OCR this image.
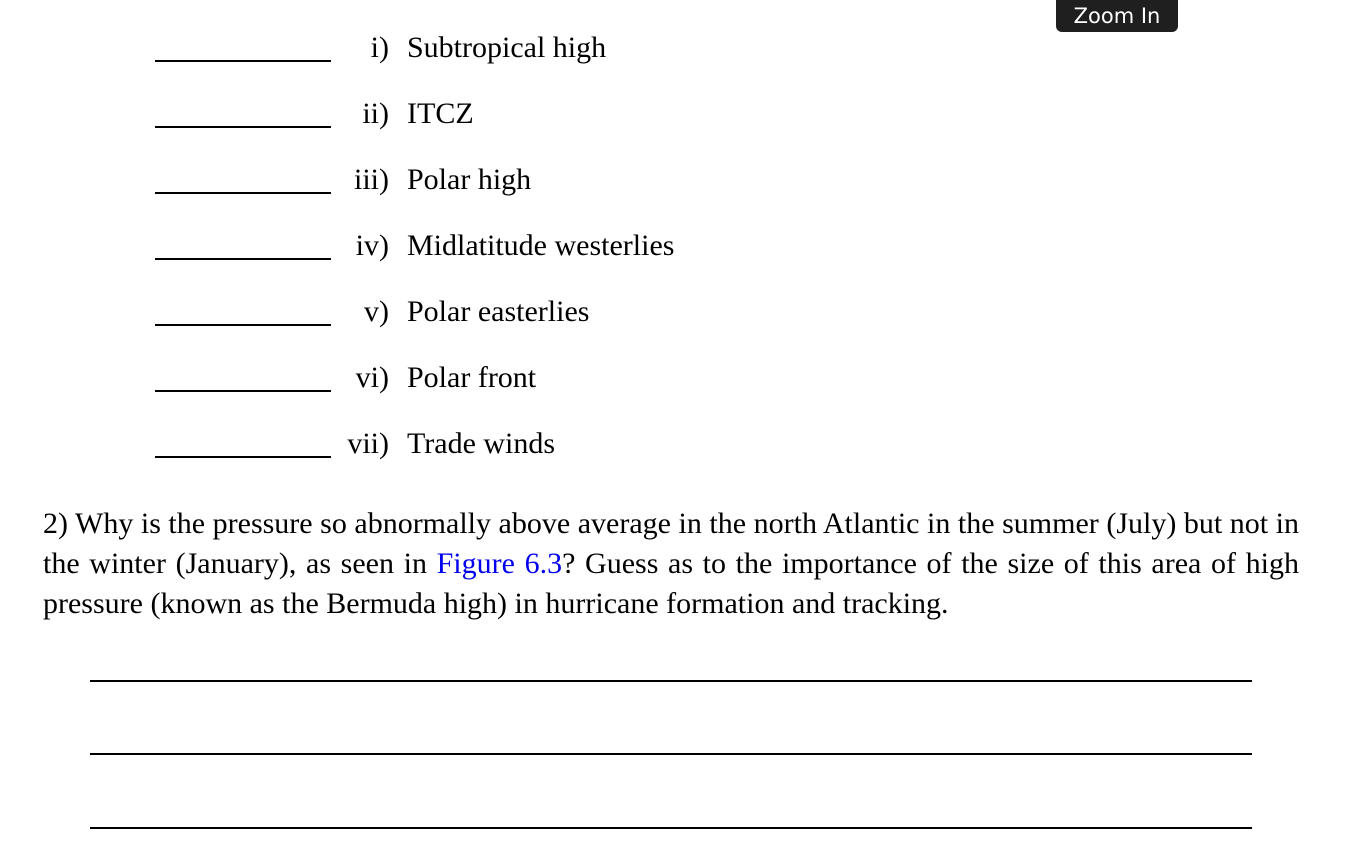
Zoom In
i) Subtropical high
ii) ITCZ
iii) Polar high
iv) Midlatitude westerlies
v) Polar easterlies
vi) Polar front
vii) Trade winds

2) Why is the pressure so abnormally above average in the north Atlantic in the summer (July) but not in the winter (January), as seen in Figure 6.3? Guess as to the importance of the size of this area of high pressure (known as the Bermuda high) in hurricane formation and tracking.
